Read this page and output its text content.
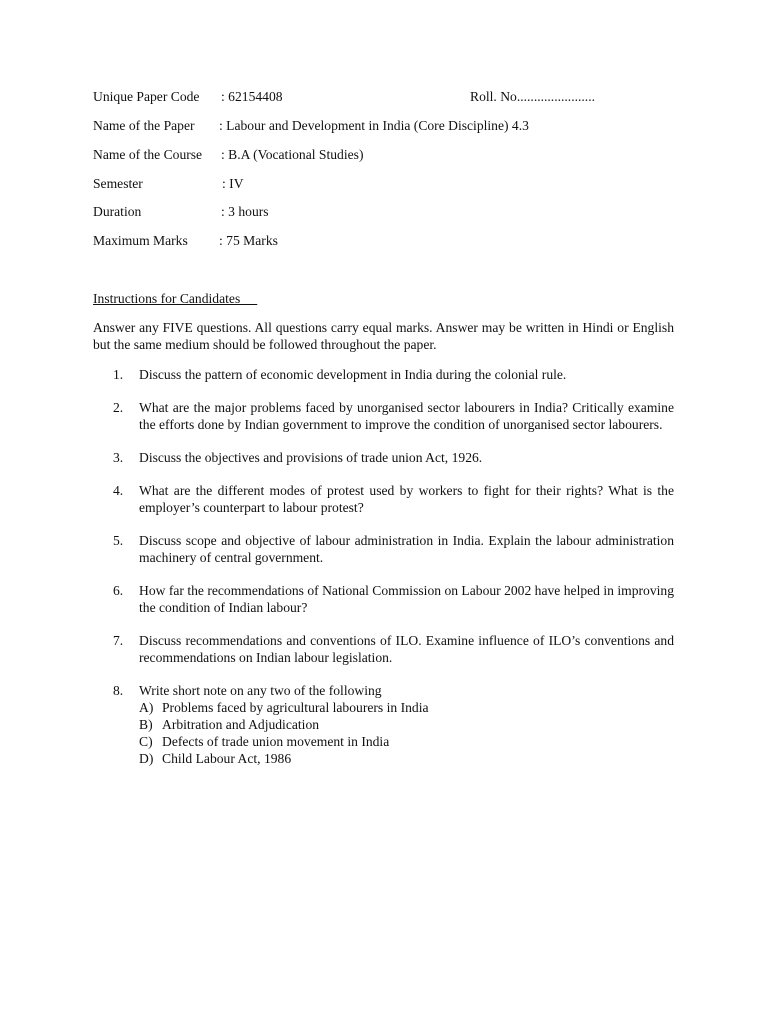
Unique Paper Code : 62154408	Roll. No.......................
Name of the Paper : Labour and Development in India (Core Discipline) 4.3
Name of the Course : B.A (Vocational Studies)
Semester	: IV
Duration	: 3 hours
Maximum Marks : 75 Marks
Instructions for Candidates
Answer any FIVE questions. All questions carry equal marks. Answer may be written in Hindi or English but the same medium should be followed throughout the paper.
1. Discuss the pattern of economic development in India during the colonial rule.
2. What are the major problems faced by unorganised sector labourers in India? Critically examine the efforts done by Indian government to improve the condition of unorganised sector labourers.
3. Discuss the objectives and provisions of trade union Act, 1926.
4. What are the different modes of protest used by workers to fight for their rights? What is the employer’s counterpart to labour protest?
5. Discuss scope and objective of labour administration in India. Explain the labour administration machinery of central government.
6. How far the recommendations of National Commission on Labour 2002 have helped in improving the condition of Indian labour?
7. Discuss recommendations and conventions of ILO. Examine influence of ILO’s conventions and recommendations on Indian labour legislation.
8. Write short note on any two of the following
A) Problems faced by agricultural labourers in India
B) Arbitration and Adjudication
C) Defects of trade union movement in India
D) Child Labour Act, 1986
